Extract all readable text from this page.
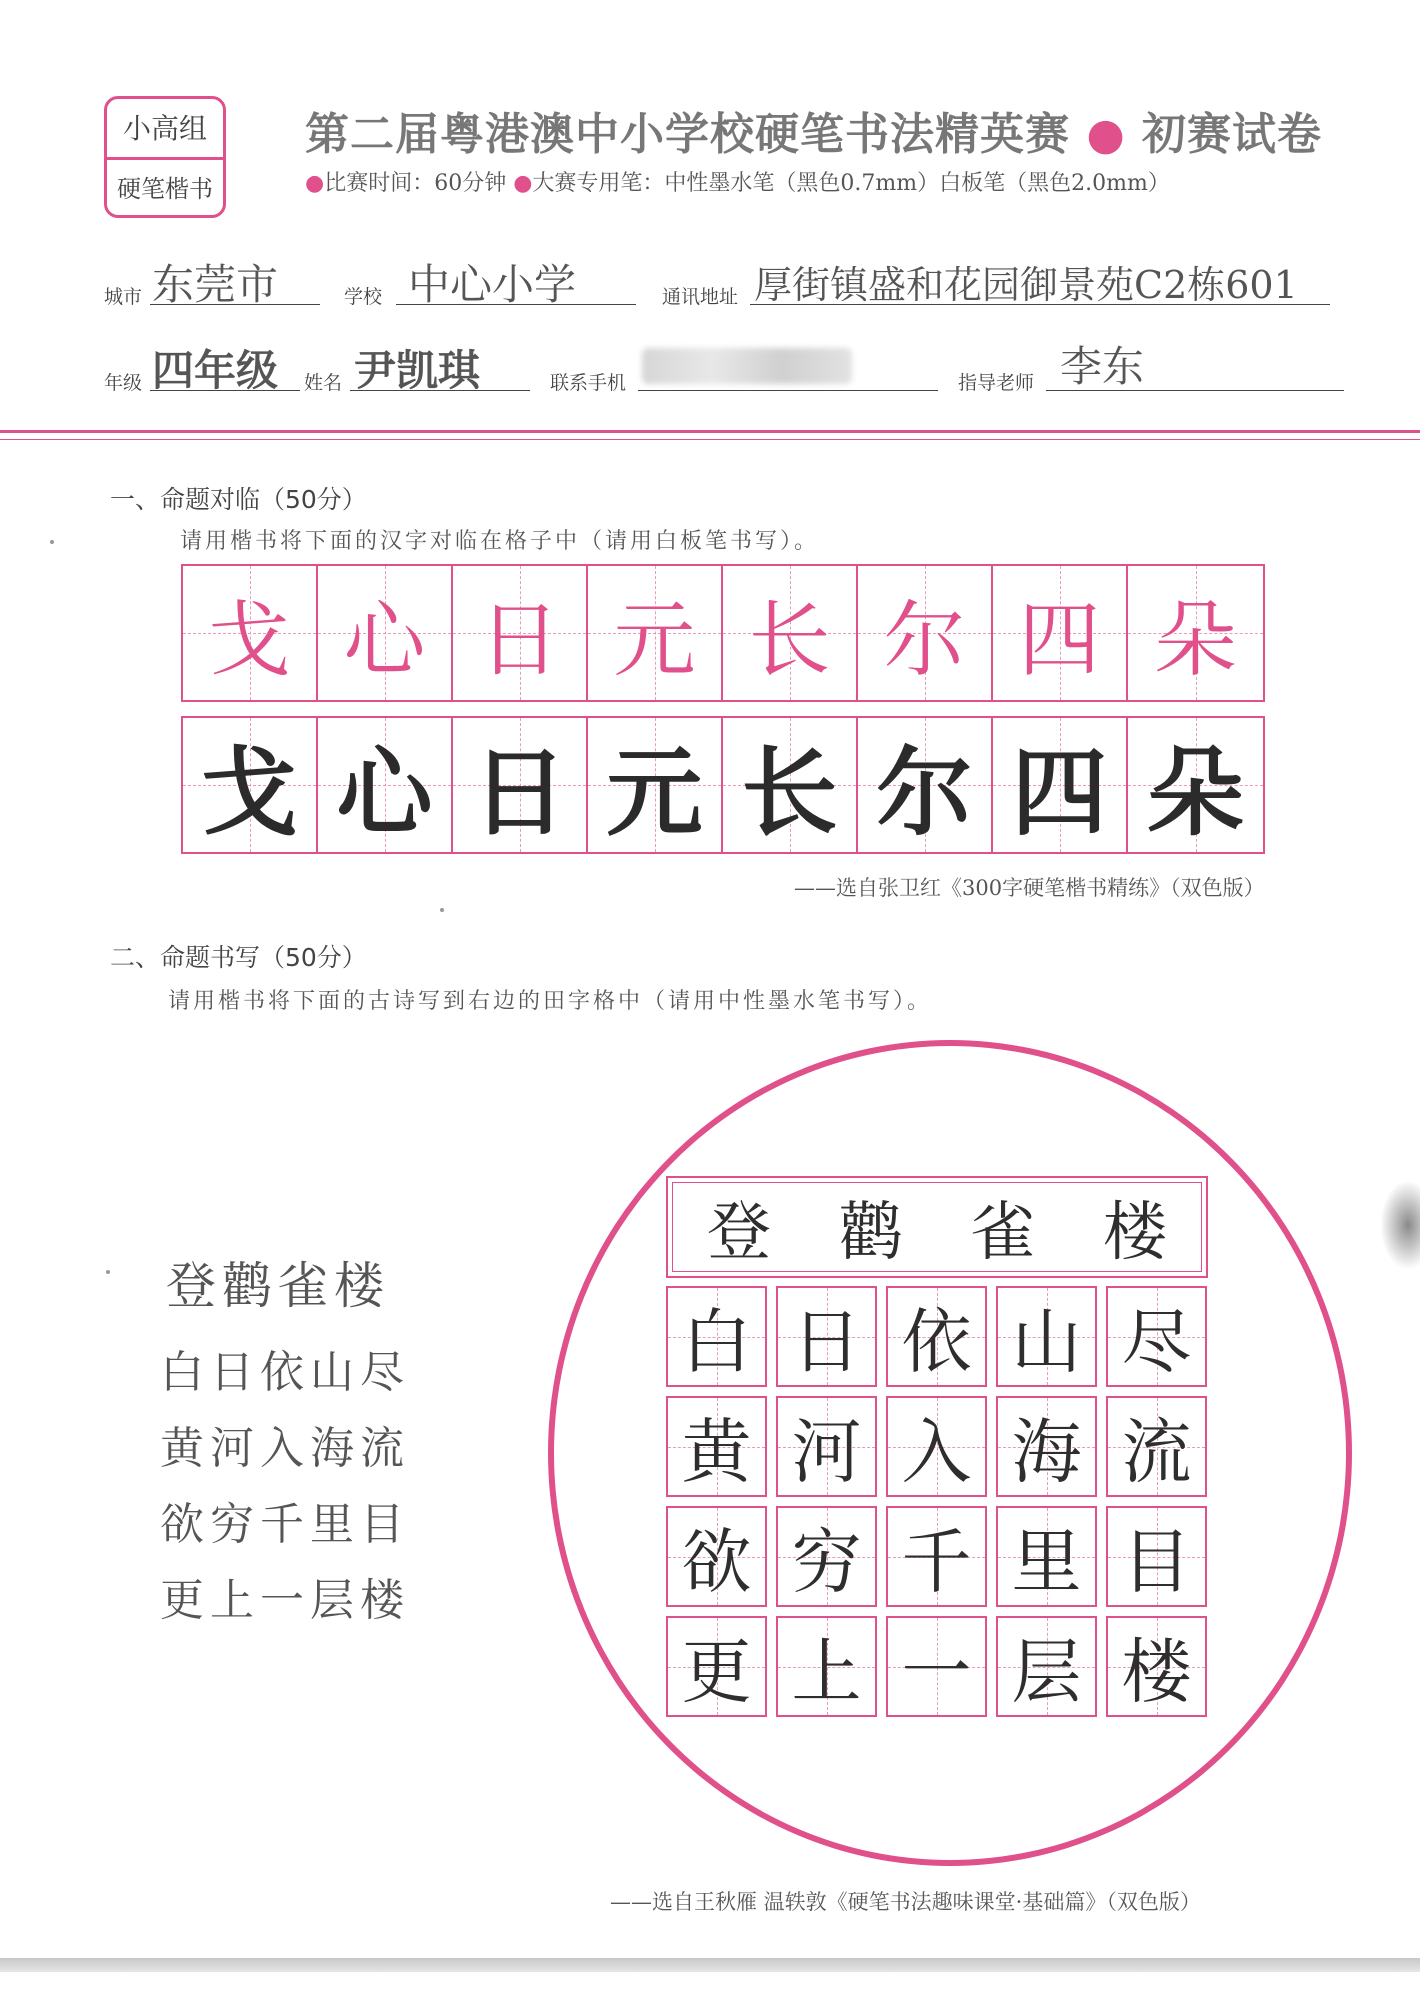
小高组
硬笔楷书
第二届粤港澳中小学校硬笔书法精英赛 ● 初赛试卷
●比赛时间：60分钟 ●大赛专用笔：中性墨水笔（黑色0.7mm）白板笔（黑色2.0mm）
城市 东莞市	学校 中心小学	通讯地址 厚街镇盛和花园御景苑C2栋601
年级 四年级 姓名 尹凯琪	联系手机	指导老师 李东
一、命题对临（50分）
请用楷书将下面的汉字对临在格子中（请用白板笔书写）。
戈 心 日 元 长 尔 四 朵
戈 心 日 元 长 尔 四 朵
——选自张卫红《300字硬笔楷书精练》（双色版）
二、命题书写（50分）
请用楷书将下面的古诗写到右边的田字格中（请用中性墨水笔书写）。
登鹳雀楼
白日依山尽
黄河入海流
欲穷千里目
更上一层楼
登 鹳 雀 楼
白 日 依 山 尽
黄 河 入 海 流
欲 穷 千 里 目
更 上 一 层 楼
——选自王秋雁 温轶敦《硬笔书法趣味课堂·基础篇》（双色版）
